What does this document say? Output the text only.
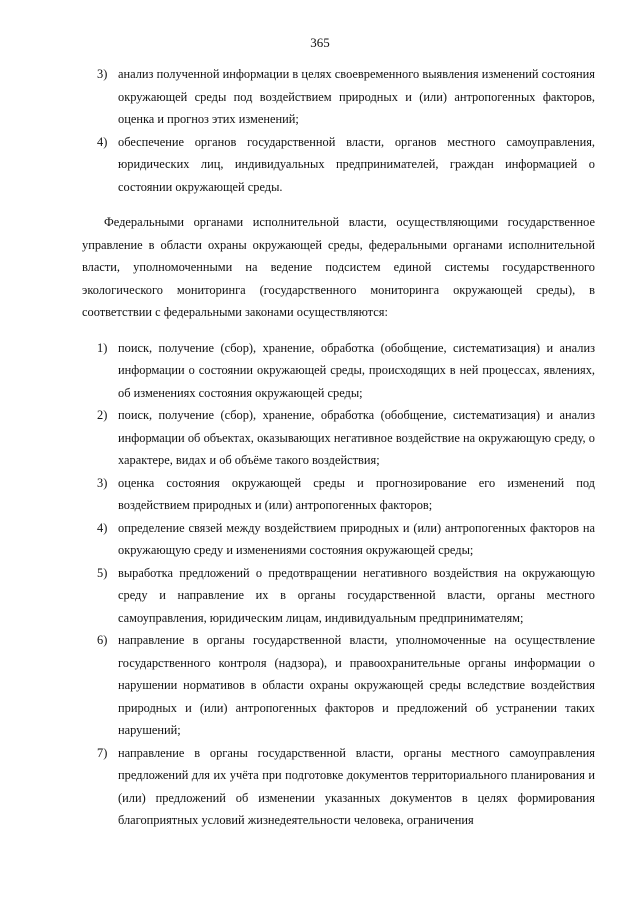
365
3) анализ полученной информации в целях своевременного выявления изменений состояния окружающей среды под воздействием природных и (или) антропогенных факторов, оценка и прогноз этих изменений;
4) обеспечение органов государственной власти, органов местного самоуправления, юридических лиц, индивидуальных предпринимателей, граждан информацией о состоянии окружающей среды.

Федеральными органами исполнительной власти, осуществляющими государственное управление в области охраны окружающей среды, федеральными органами исполнительной власти, уполномоченными на ведение подсистем единой системы государственного экологического мониторинга (государственного мониторинга окружающей среды), в соответствии с федеральными законами осуществляются:

1) поиск, получение (сбор), хранение, обработка (обобщение, систематизация) и анализ информации о состоянии окружающей среды, происходящих в ней процессах, явлениях, об изменениях состояния окружающей среды;
2) поиск, получение (сбор), хранение, обработка (обобщение, систематизация) и анализ информации об объектах, оказывающих негативное воздействие на окружающую среду, о характере, видах и об объёме такого воздействия;
3) оценка состояния окружающей среды и прогнозирование его изменений под воздействием природных и (или) антропогенных факторов;
4) определение связей между воздействием природных и (или) антропогенных факторов на окружающую среду и изменениями состояния окружающей среды;
5) выработка предложений о предотвращении негативного воздействия на окружающую среду и направление их в органы государственной власти, органы местного самоуправления, юридическим лицам, индивидуальным предпринимателям;
6) направление в органы государственной власти, уполномоченные на осуществление государственного контроля (надзора), и правоохранительные органы информации о нарушении нормативов в области охраны окружающей среды вследствие воздействия природных и (или) антропогенных факторов и предложений об устранении таких нарушений;
7) направление в органы государственной власти, органы местного самоуправления предложений для их учёта при подготовке документов территориального планирования и (или) предложений об изменении указанных документов в целях формирования благоприятных условий жизнедеятельности человека, ограничения
